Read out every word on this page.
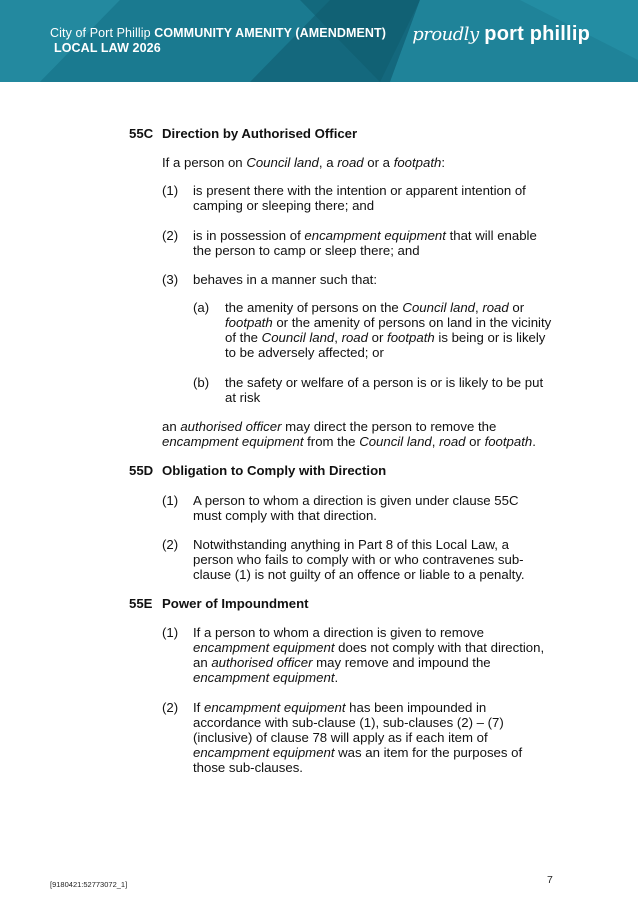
City of Port Phillip COMMUNITY AMENITY (AMENDMENT)
LOCAL LAW 2026
proudly port phillip
55C Direction by Authorised Officer
If a person on Council land, a road or a footpath:
(1) is present there with the intention or apparent intention of
camping or sleeping there; and
(2) is in possession of encampment equipment that will enable
the person to camp or sleep there; and
(3) behaves in a manner such that:
(a) the amenity of persons on the Council land, road or
footpath or the amenity of persons on land in the vicinity
of the Council land, road or footpath is being or is likely
to be adversely affected; or
(b) the safety or welfare of a person is or is likely to be put
at risk
an authorised officer may direct the person to remove the
encampment equipment from the Council land, road or footpath.
55D Obligation to Comply with Direction
(1) A person to whom a direction is given under clause 55C
must comply with that direction.
(2) Notwithstanding anything in Part 8 of this Local Law, a
person who fails to comply with or who contravenes sub-
clause (1) is not guilty of an offence or liable to a penalty.
55E Power of Impoundment
(1) If a person to whom a direction is given to remove
encampment equipment does not comply with that direction,
an authorised officer may remove and impound the
encampment equipment.
(2) If encampment equipment has been impounded in
accordance with sub-clause (1), sub-clauses (2) – (7)
(inclusive) of clause 78 will apply as if each item of
encampment equipment was an item for the purposes of
those sub-clauses.
[9180421:52773072_1]	7
